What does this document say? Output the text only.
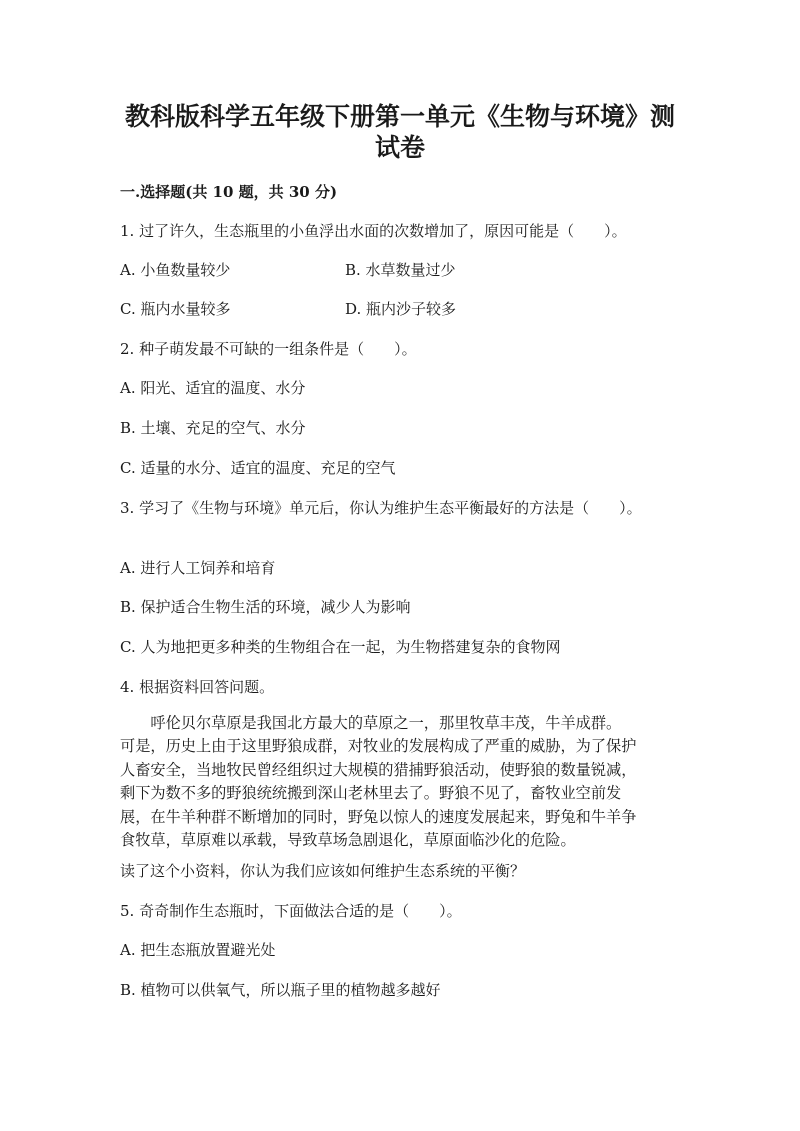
教科版科学五年级下册第一单元《生物与环境》测
试卷
一.选择题(共 10 题，共 30 分)
1. 过了许久，生态瓶里的小鱼浮出水面的次数增加了，原因可能是（　　）。
A. 小鱼数量较少	B. 水草数量过少
C. 瓶内水量较多	D. 瓶内沙子较多
2. 种子萌发最不可缺的一组条件是（　　）。
A. 阳光、适宜的温度、水分
B. 土壤、充足的空气、水分
C. 适量的水分、适宜的温度、充足的空气
3. 学习了《生物与环境》单元后，你认为维护生态平衡最好的方法是（　　）。
A. 进行人工饲养和培育
B. 保护适合生物生活的环境，减少人为影响
C. 人为地把更多种类的生物组合在一起，为生物搭建复杂的食物网
4. 根据资料回答问题。

　　呼伦贝尔草原是我国北方最大的草原之一，那里牧草丰茂，牛羊成群。

可是，历史上由于这里野狼成群，对牧业的发展构成了严重的威胁，为了保护

人畜安全，当地牧民曾经组织过大规模的猎捕野狼活动，使野狼的数量锐减，

剩下为数不多的野狼统统搬到深山老林里去了。野狼不见了，畜牧业空前发

展，在牛羊种群不断增加的同时，野兔以惊人的速度发展起来，野兔和牛羊争

食牧草，草原难以承载，导致草场急剧退化，草原面临沙化的危险。

读了这个小资料，你认为我们应该如何维护生态系统的平衡？
5. 奇奇制作生态瓶时，下面做法合适的是（　　）。
A. 把生态瓶放置避光处
B. 植物可以供氧气，所以瓶子里的植物越多越好
